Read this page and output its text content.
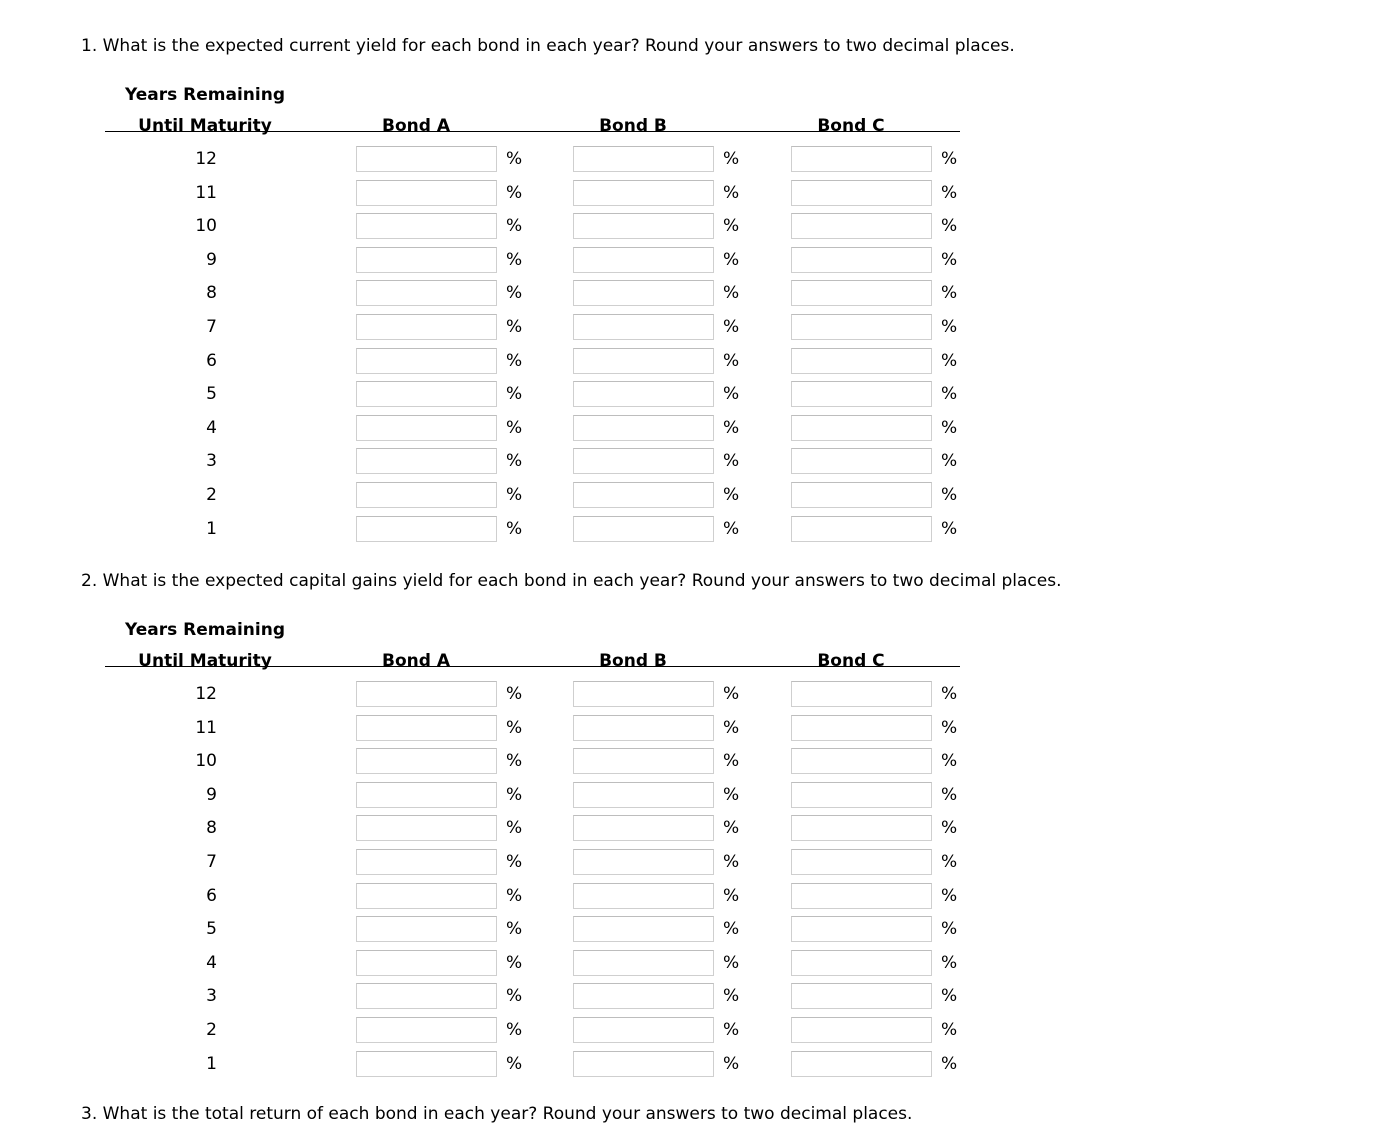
1. What is the expected current yield for each bond in each year? Round your answers to two decimal places.
Years Remaining
Until Maturity	Bond A	Bond B	Bond C
12	%	%	%
11	%	%	%
10	%	%	%
9	%	%	%
8	%	%	%
7	%	%	%
6	%	%	%
5	%	%	%
4	%	%	%
3	%	%	%
2	%	%	%
1	%	%	%
2. What is the expected capital gains yield for each bond in each year? Round your answers to two decimal places.
Years Remaining
Until Maturity	Bond A	Bond B	Bond C
12	%	%	%
11	%	%	%
10	%	%	%
9	%	%	%
8	%	%	%
7	%	%	%
6	%	%	%
5	%	%	%
4	%	%	%
3	%	%	%
2	%	%	%
1	%	%	%
3. What is the total return of each bond in each year? Round your answers to two decimal places.
